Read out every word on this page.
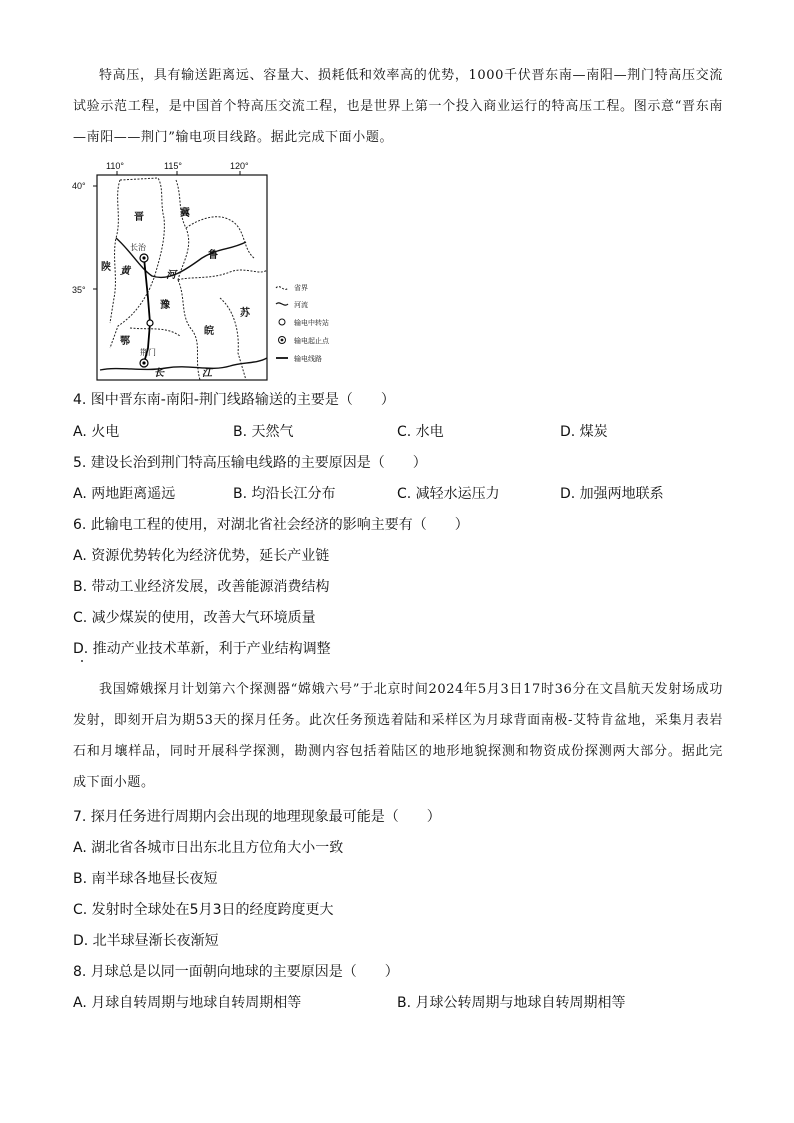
特高压，具有输送距离远、容量大、损耗低和效率高的优势，1000千伏晋东南—南阳—荆门特高压交流试验示范工程，是中国首个特高压交流工程，也是世界上第一个投入商业运行的特高压工程。图示意“晋东南—南阳——荆门”输电项目线路。据此完成下面小题。
110°	115°	120°
40°
35°
晋	冀
鲁
陕
豫
皖
苏
鄂
黄	河
长	江
长治
荆门
省界
河流
输电中转站
输电起止点
输电线路
4. 图中晋东南-南阳-荆门线路输送的主要是（　　）
A. 火电	B. 天然气	C. 水电	D. 煤炭
5. 建设长治到荆门特高压输电线路的主要原因是（　　）
A. 两地距离遥远	B. 均沿长江分布	C. 减轻水运压力	D. 加强两地联系
6. 此输电工程的使用，对湖北省社会经济的影响主要有（　　）
A. 资源优势转化为经济优势，延长产业链
B. 带动工业经济发展，改善能源消费结构
C. 减少煤炭的使用，改善大气环境质量
D. 推动产业技术革新，利于产业结构调整
我国嫦娥探月计划第六个探测器“嫦娥六号”于北京时间2024年5月3日17时36分在文昌航天发射场成功发射，即刻开启为期53天的探月任务。此次任务预选着陆和采样区为月球背面南极-艾特肯盆地，采集月表岩石和月壤样品，同时开展科学探测，勘测内容包括着陆区的地形地貌探测和物资成份探测两大部分。据此完成下面小题。
7. 探月任务进行周期内会出现的地理现象最可能是（　　）
A. 湖北省各城市日出东北且方位角大小一致
B. 南半球各地昼长夜短
C. 发射时全球处在5月3日的经度跨度更大
D. 北半球昼渐长夜渐短
8. 月球总是以同一面朝向地球的主要原因是（　　）
A. 月球自转周期与地球自转周期相等	B. 月球公转周期与地球自转周期相等
